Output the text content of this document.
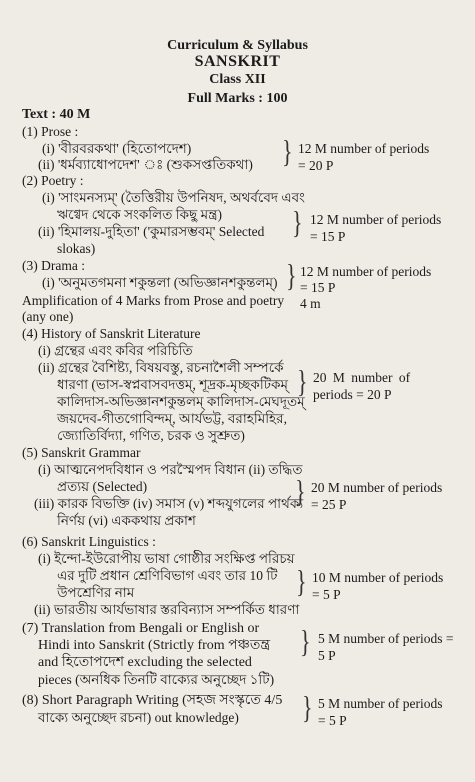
Curriculum & Syllabus
SANSKRIT
Class XII
Full Marks : 100
Text : 40 M
(1) Prose :
(i) 'বীরবরকথা' (হিতোপদেশ)
(ii) 'ধর্মব্যাধোপদেশ' ঃ (শুকসপ্ততিকথা) } 12 M number of periods
= 20 P
(2) Poetry :
(i) 'সাংমনস্যম্‌' (তৈত্তিরীয় উপনিষদ, অথর্ববেদ এবং
ঋগ্বেদ থেকে সংকলিত কিছু মন্ত্র)
(ii) 'হিমালয়-দুহিতা' ('কুমারসম্ভবম্‌' Selected
slokas)
} 12 M number of periods
= 15 P
(3) Drama :
(i) 'অনুমতগমনা শকুন্তলা (অভিজ্ঞানশকুন্তলম্‌) } 12 M number of periods
= 15 P
Amplification of 4 Marks from Prose and poetry 4 m
(any one)
(4) History of Sanskrit Literature
(i) গ্রন্থের এবং কবির পরিচিতি
(ii) গ্রন্থের বৈশিষ্ট্য, বিষয়বস্তু, রচনাশৈলী সম্পর্কে
ধারণা (ভাস-স্বপ্নবাসবদত্তম্‌, শূদ্রক-মৃচ্ছকটিকম্‌
কালিদাস-অভিজ্ঞানশকুন্তলম্‌ কালিদাস-মেঘদূতম্‌
জয়দেব-গীতগোবিন্দম্‌, আর্যভট্ট, বরাহমিহির,
জ্যোতির্বিদ্যা, গণিত, চরক ও সুশ্রুত)
} 20 M number of
periods = 20 P
(5) Sanskrit Grammar
(i) আত্মনেপদবিধান ও পরস্মৈপদ বিধান (ii) তদ্ধিত
প্রত্যয় (Selected)
(iii) কারক বিভক্তি (iv) সমাস (v) শব্দযুগলের পার্থক্য
নির্ণয় (vi) এককথায় প্রকাশ
} 20 M number of periods
= 25 P
(6) Sanskrit Linguistics :
(i) ইন্দো-ইউরোপীয় ভাষা গোষ্ঠীর সংক্ষিপ্ত পরিচয়
এর দুটি প্রধান শ্রেণিবিভাগ এবং তার 10 টি
উপশ্রেণির নাম
(ii) ভারতীয় আর্যভাষার স্তরবিন্যাস সম্পর্কিত ধারণা
} 10 M number of periods
= 5 P
(7) Translation from Bengali or English or
Hindi into Sanskrit (Strictly from পঞ্চতন্ত্র
and হিতোপদেশ excluding the selected
pieces (অনধিক তিনটি বাক্যের অনুচ্ছেদ ১টি)
} 5 M number of periods =
5 P
(8) Short Paragraph Writing (সহজ সংস্কৃতে 4/5
বাক্যে অনুচ্ছেদ রচনা) out knowledge)	} 5 M number of periods
= 5 P
